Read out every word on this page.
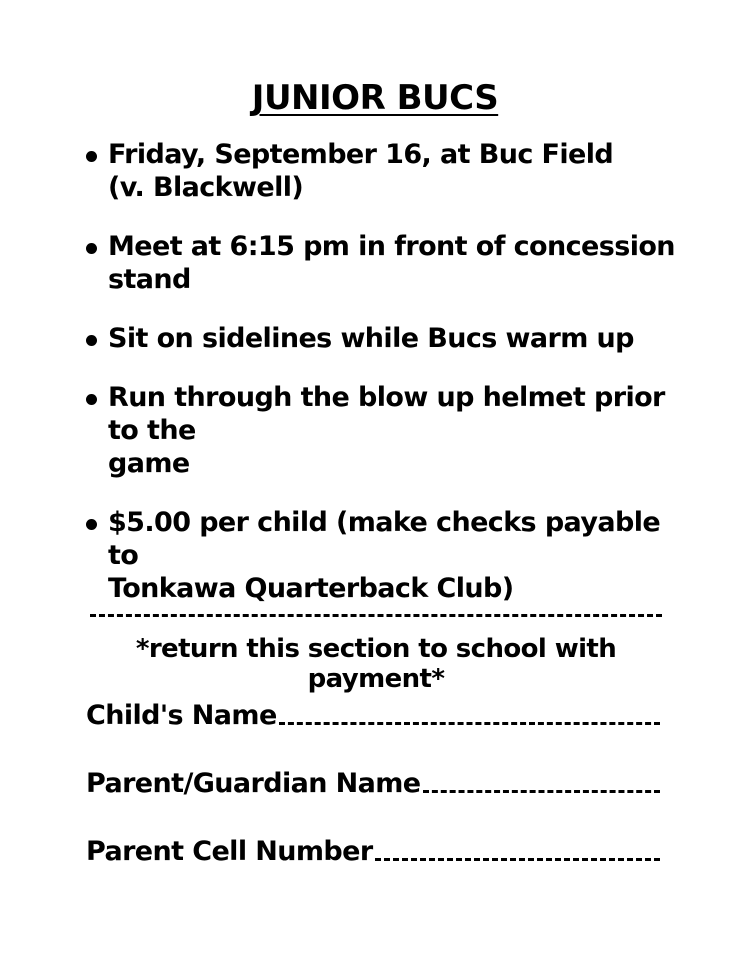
JUNIOR BUCS
Friday, September 16, at Buc Field
(v. Blackwell)
Meet at 6:15 pm in front of concession
stand
Sit on sidelines while Bucs warm up
Run through the blow up helmet prior to the
game
$5.00 per child (make checks payable to
Tonkawa Quarterback Club)
*return this section to school with payment*
Child's Name
Parent/Guardian Name
Parent Cell Number
